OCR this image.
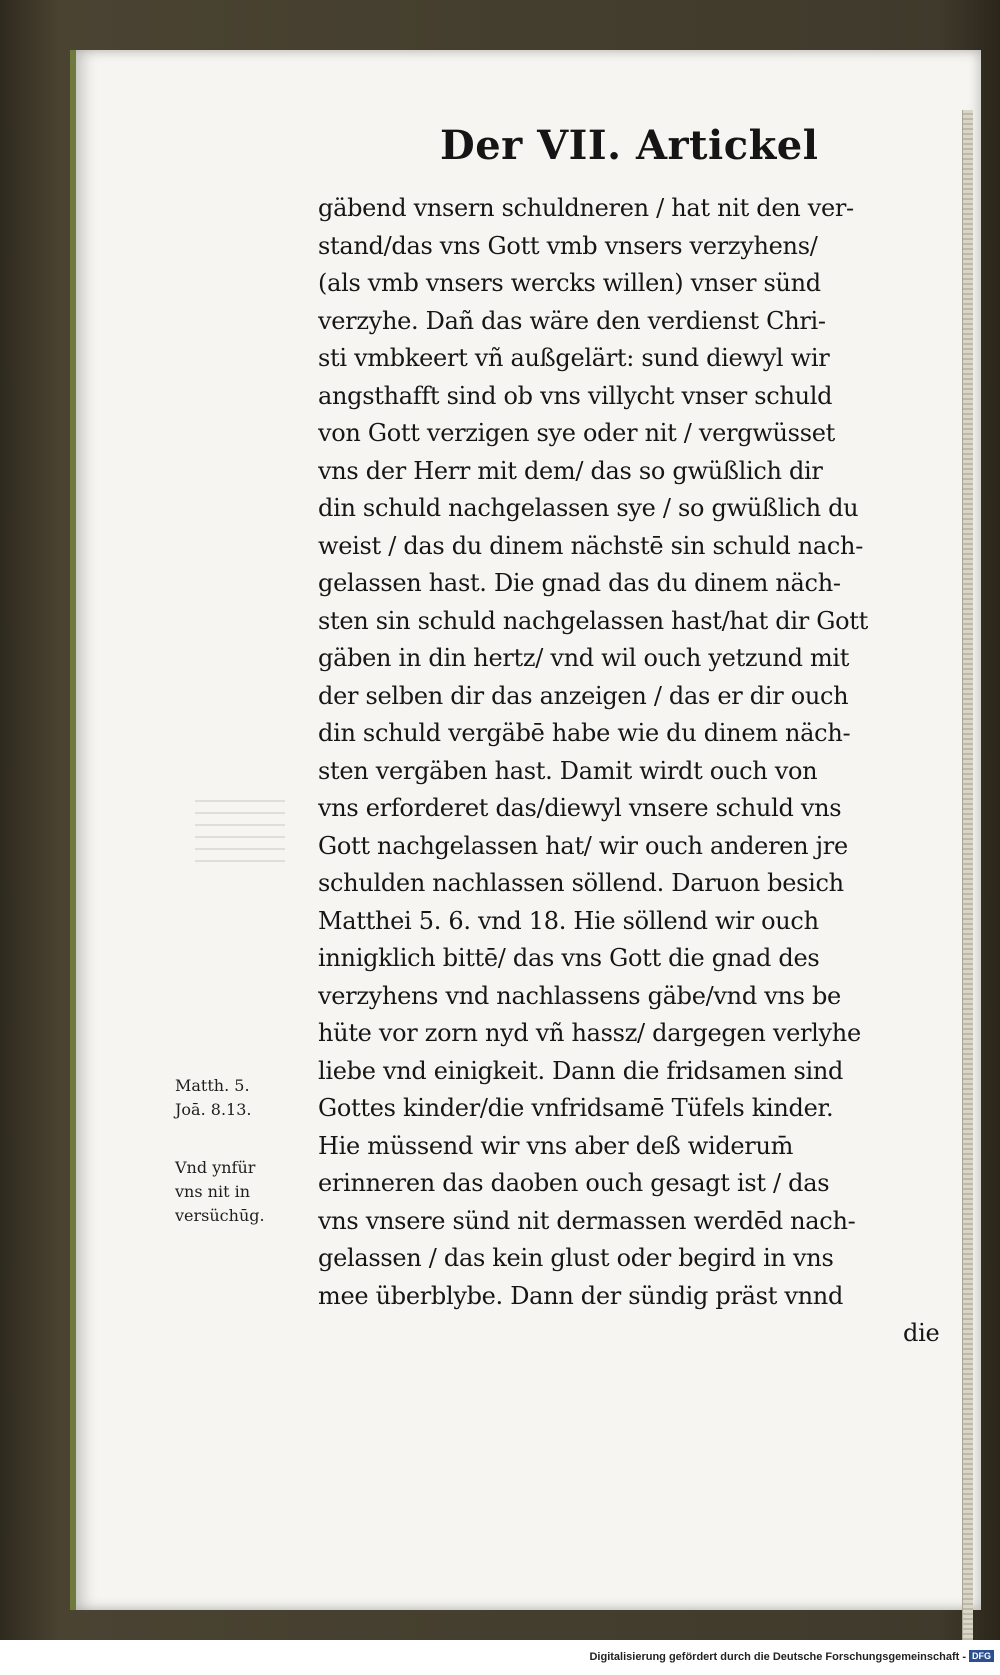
Der VII. Artickel
gäbend vnsern schuldneren / hat nit den ver-
stand/das vns Gott vmb vnsers verzyhens/
(als vmb vnsers wercks willen) vnser sünd
verzyhe. Dañ das wäre den verdienst Chri-
sti vmbkeert vñ außgelärt: sund diewyl wir
angsthafft sind ob vns villycht vnser schuld
von Gott verzigen sye oder nit / vergwüsset
vns der Herr mit dem/ das so gwüßlich dir
din schuld nachgelassen sye / so gwüßlich du
weist / das du dinem nächstē sin schuld nach-
gelassen hast. Die gnad das du dinem näch-
sten sin schuld nachgelassen hast/hat dir Gott
gäben in din hertz/ vnd wil ouch yetzund mit
der selben dir das anzeigen / das er dir ouch
din schuld vergäbē habe wie du dinem näch-
sten vergäben hast. Damit wirdt ouch von
vns erforderet das/diewyl vnsere schuld vns
Gott nachgelassen hat/ wir ouch anderen jre
schulden nachlassen söllend. Daruon besich
Matthei 5. 6. vnd 18. Hie söllend wir ouch
innigklich bittē/ das vns Gott die gnad des
verzyhens vnd nachlassens gäbe/vnd vns be
hüte vor zorn nyd vñ hassz/ dargegen verlyhe
liebe vnd einigkeit. Dann die fridsamen sind
Gottes kinder/die vnfridsamē Tüfels kinder.
Hie müssend wir vns aber deß widerum̄
erinneren das daoben ouch gesagt ist / das
vns vnsere sünd nit dermassen werdēd nach-
gelassen / das kein glust oder begird in vns
mee überblybe. Dann der sündig präst vnnd
die
Matth. 5.
Joā. 8.13.
Vnd ynfür
vns nit in
versüchūg.
Digitalisierung gefördert durch die Deutsche Forschungsgemeinschaft - DFG
